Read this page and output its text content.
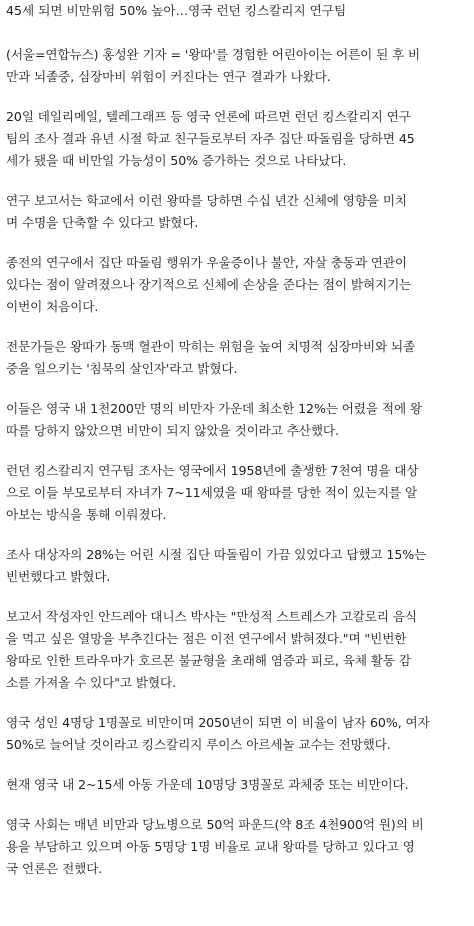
45세 되면 비만위험 50% 높아…영국 런던 킹스칼리지 연구팀
(서울=연합뉴스) 홍성완 기자 = '왕따'를 경험한 어린아이는 어른이 된 후 비
만과 뇌졸중, 심장마비 위험이 커진다는 연구 결과가 나왔다.
20일 데일리메일, 텔레그래프 등 영국 언론에 따르면 런던 킹스칼리지 연구
팀의 조사 결과 유년 시절 학교 친구들로부터 자주 집단 따돌림을 당하면 45
세가 됐을 때 비만일 가능성이 50% 증가하는 것으로 나타났다.
연구 보고서는 학교에서 이런 왕따를 당하면 수십 년간 신체에 영향을 미치
며 수명을 단축할 수 있다고 밝혔다.
종전의 연구에서 집단 따돌림 행위가 우울증이나 불안, 자살 충동과 연관이
있다는 점이 알려졌으나 장기적으로 신체에 손상을 준다는 점이 밝혀지기는
이번이 처음이다.
전문가들은 왕따가 동맥 혈관이 막히는 위험을 높여 치명적 심장마비와 뇌졸
중을 일으키는 '침묵의 살인자'라고 밝혔다.
이들은 영국 내 1천200만 명의 비만자 가운데 최소한 12%는 어렸을 적에 왕
따를 당하지 않았으면 비만이 되지 않았을 것이라고 추산했다.
런던 킹스칼리지 연구팀 조사는 영국에서 1958년에 출생한 7천여 명을 대상
으로 이들 부모로부터 자녀가 7~11세였을 때 왕따를 당한 적이 있는지를 알
아보는 방식을 통해 이뤄졌다.
조사 대상자의 28%는 어린 시절 집단 따돌림이 가끔 있었다고 답했고 15%는
빈번했다고 밝혔다.
보고서 작성자인 안드레아 대니스 박사는 "만성적 스트레스가 고칼로리 음식
을 먹고 싶은 열망을 부추긴다는 점은 이전 연구에서 밝혀졌다."며 "빈번한
왕따로 인한 트라우마가 호르몬 불균형을 초래해 염증과 피로, 육체 활동 감
소를 가져올 수 있다"고 밝혔다.
영국 성인 4명당 1명꼴로 비만이며 2050년이 되면 이 비율이 남자 60%, 여자
50%로 늘어날 것이라고 킹스칼리지 루이스 아르세놀 교수는 전망했다.
현재 영국 내 2~15세 아동 가운데 10명당 3명꼴로 과체중 또는 비만이다.
영국 사회는 매년 비만과 당뇨병으로 50억 파운드(약 8조 4천900억 원)의 비
용을 부담하고 있으며 아동 5명당 1명 비율로 교내 왕따를 당하고 있다고 영
국 언론은 전했다.
